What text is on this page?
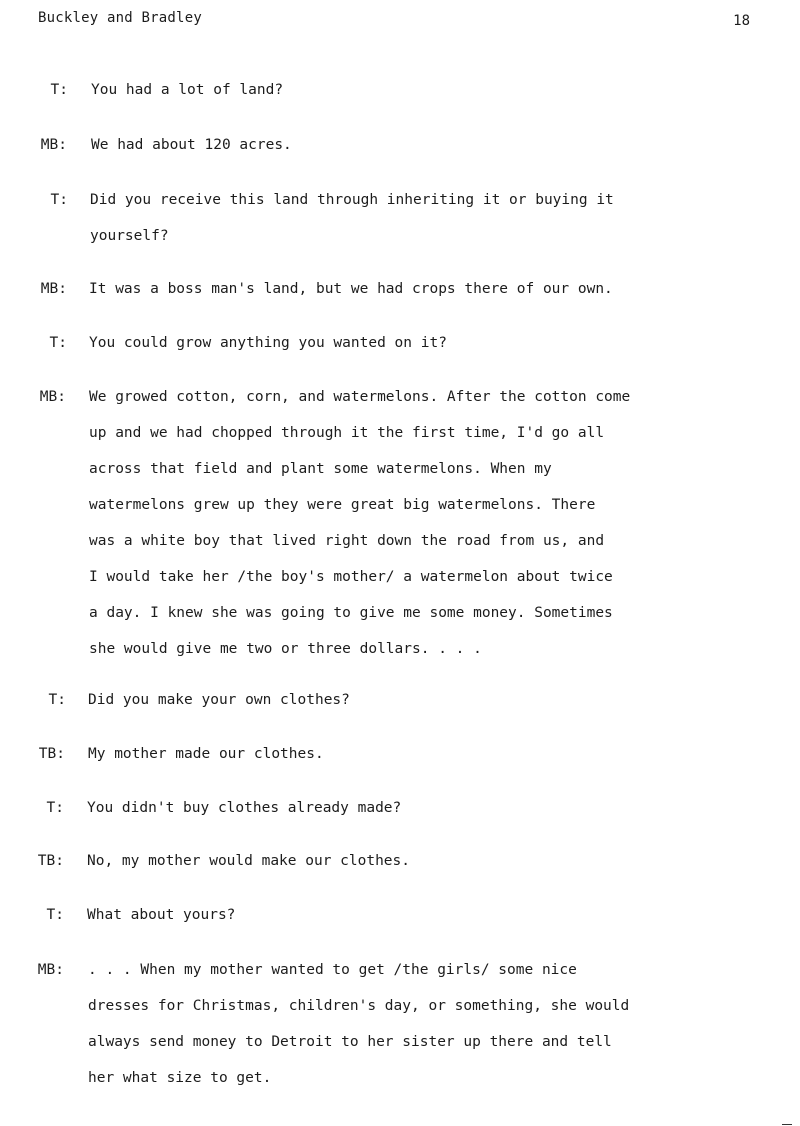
Buckley and Bradley	18
T: You had a lot of land?
MB: We had about 120 acres.
T: Did you receive this land through inheriting it or buying it
yourself?
MB: It was a boss man's land, but we had crops there of our own.
T: You could grow anything you wanted on it?
MB: We growed cotton, corn, and watermelons. After the cotton come
up and we had chopped through it the first time, I'd go all
across that field and plant some watermelons. When my
watermelons grew up they were great big watermelons. There
was a white boy that lived right down the road from us, and
I would take her /the boy's mother/ a watermelon about twice
a day. I knew she was going to give me some money. Sometimes
she would give me two or three dollars. . . .
T: Did you make your own clothes?
TB: My mother made our clothes.
T: You didn't buy clothes already made?
TB: No, my mother would make our clothes.
T: What about yours?
MB: . . . When my mother wanted to get /the girls/ some nice
dresses for Christmas, children's day, or something, she would
always send money to Detroit to her sister up there and tell
her what size to get.
